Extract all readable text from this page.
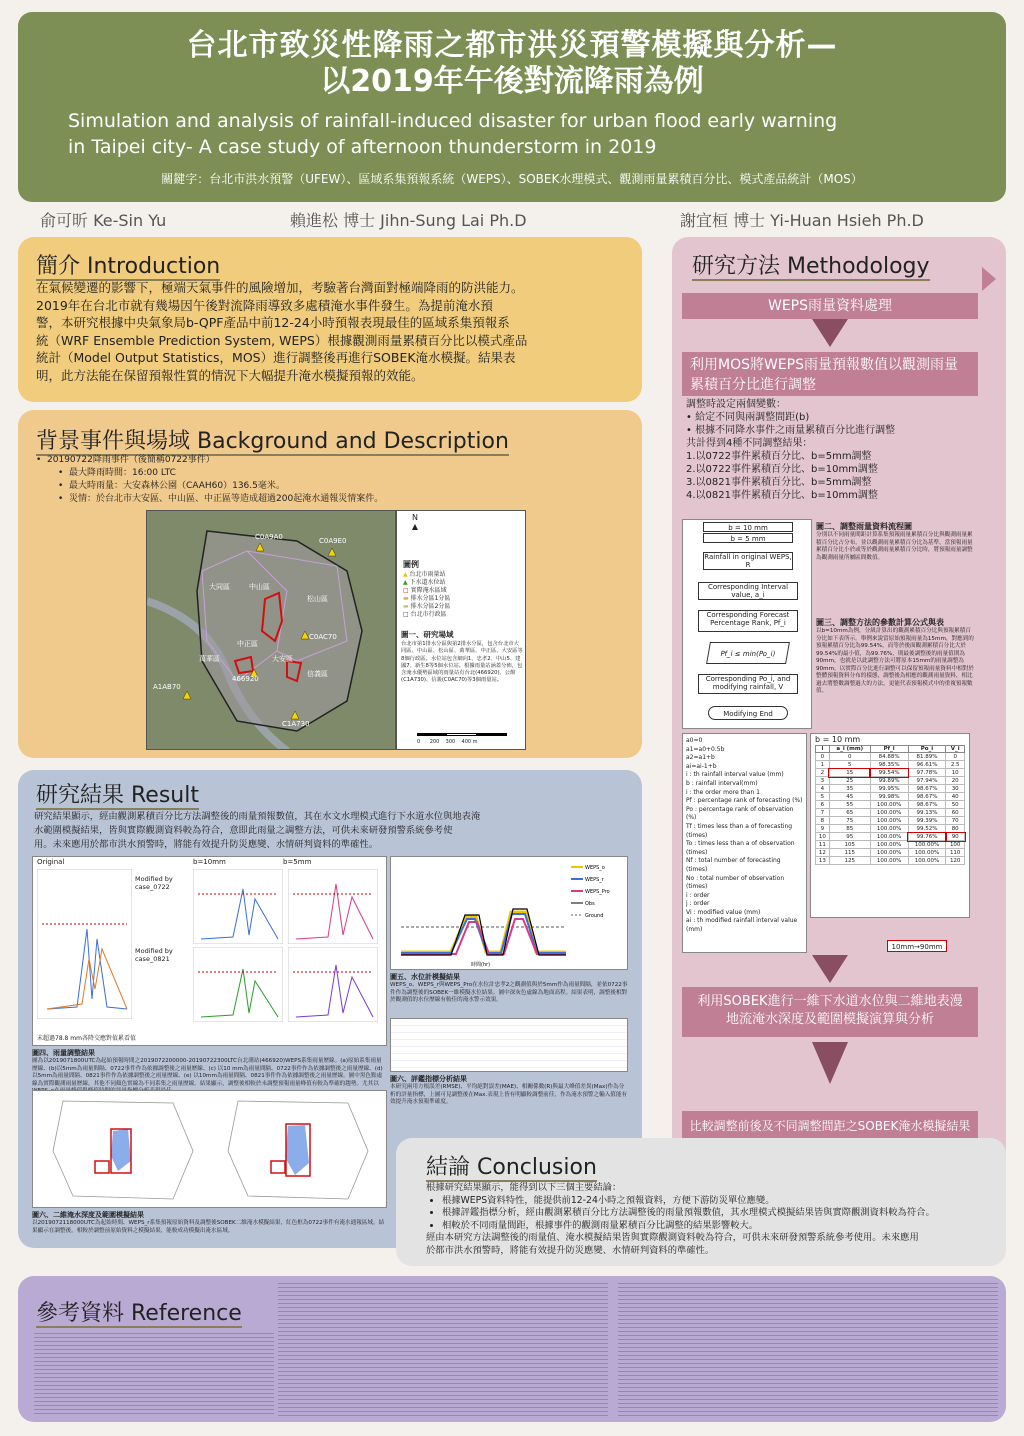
台北市致災性降雨之都市洪災預警模擬與分析—
以2019年午後對流降雨為例
Simulation and analysis of rainfall-induced disaster for urban flood early warning
in Taipei city- A case study of afternoon thunderstorm in 2019
關鍵字：台北市洪水預警（UFEW）、區域系集預報系統（WEPS）、SOBEK水理模式、觀測雨量累積百分比、模式產品統計（MOS）
俞可昕 Ke-Sin Yu	賴進松 博士 Jihn-Sung Lai Ph.D	謝宜桓 博士 Yi-Huan Hsieh Ph.D
簡介 Introduction
在氣候變遷的影響下，極端天氣事件的風險增加，考驗著台灣面對極端降雨的防洪能力。
2019年在台北市就有幾場因午後對流降雨導致多處積淹水事件發生。為提前淹水預
警，本研究根據中央氣象局b-QPF產品中前12-24小時預報表現最佳的區域系集預報系
統（WRF Ensemble Prediction System, WEPS）根據觀測雨量累積百分比以模式產品
統計（Model Output Statistics，MOS）進行調整後再進行SOBEK淹水模擬。結果表
明，此方法能在保留預報性質的情況下大幅提升淹水模擬預報的效能。
背景事件與場域 Background and Description
•  20190722降雨事件（後簡稱0722事件）
•  最大降雨時間：16:00 LTC
•  最大時雨量：大安森林公園（CAAH60）136.5毫米。
•  災情：於台北市大安區、中山區、中正區等造成超過200起淹水通報災情案件。
C0A9A0	C0A9E0
大同區	中山區
松山區
萬華區
中正區
大安區
A1AB70
466920
C0AC70
C1A730
信義區
N
▲
圖例
▲ 台北市雨量站
▲ 下水道水位站
□ 實際淹水區域
▬ 排水分區1分區
▬ 排水分區2分區
□ 台北市行政區
圖一、研究場域
台北市第1排水分區與第2排水分區，包含台北市大同區、中山區、松山區、萬華區、中正區、大安區等8個行政區。水位站包含網向1、忠孝2、中山5、建國7、新生8等5個水位站。根據雨量站涵蓋分佈，包含淹水優勢區域的雨量站有台北(466920)、公館(C1A730)、信義(C0AC70)等3個雨量站。
0 200 300 400 m
研究方法 Methodology
WEPS雨量資料處理
利用MOS將WEPS雨量預報數值以觀測雨量累積百分比進行調整
調整時設定兩個變數：
• 給定不同與兩調整間距(b)
• 根據不同降水事件之雨量累積百分比進行調整
共計得到4種不同調整結果：
1.以0722事件累積百分比、b=5mm調整
2.以0722事件累積百分比、b=10mm調整
3.以0821事件累積百分比、b=5mm調整
4.以0821事件累積百分比、b=10mm調整
b = 10 mm
b = 5 mm
Rainfall in original WEPS, R
Corresponding Interval value, a_i
Corresponding Forecast Percentage Rank, Pf_i
Pf_i ≤ min(Po_i)
Corresponding Po_i, and modifying rainfall, V
Modifying End
圖二、調整雨量資料流程圖
分別以不同雨量間距計算系集預報雨量累積百分比與觀測雨量累積百分比占分布，並以觀測雨量累積百分比為基準，當預報雨量累積百分比小於或等於觀測雨量累積百分比時，將預報雨量調整為觀測雨量所屬區間數值。
圖三、調整方法的參數計算公式與表
以b=10mm為例，分級計算出的觀測累積百分比與預報累積百分比如下表所示。舉例來說當原始預報雨量為15mm，對應到的預報累積百分比為99.54%，而等於後面觀測累積百分比大於99.54%的最小值，為99.76%，則最後調整後的雨量值則為90mm，也就是以此調整方法可將原本15mm的雨量調整為90mm。以實際百分比進行調整可以保留預報雨量資料中相對於整體預報資料分布的樣態，調整後為相應的觀測雨量資料，相比過去將整數調整過大的方法，更能代表預報模式中的重複預報數值。
a0=0
a1=a0+0.5b
a2=a1+b
ai=ai-1+b
i : th rainfall interval value (mm)
b : rainfall interval(mm)
i : the order more than 1
Pf : percentage rank of forecasting (%)
Po : percentage rank of observation (%)
Tf : times less than a of forecasting (times)
To : times less than a of observation (times)
Nf : total number of forecasting (times)
No : total number of observation (times)
i : order
j : order
Vi : modified value (mm)
ai : th modified rainfall interval value (mm)
b = 10 mm
i	a_i (mm)	Pf_i	Po_i	V_i
0	0	84.88%	81.89%	0
1	5	98.35%	96.61%	2.5
2	15	99.54%	97.78%	10
3	25	99.89%	97.94%	20
4	35	99.95%	98.67%	30
5	45	99.98%	98.67%	40
6	55	100.00%	98.67%	50
7	65	100.00%	99.13%	60
8	75	100.00%	99.39%	70
9	85	100.00%	99.52%	80
10	95	100.00%	99.76%	90
11	105	100.00%	100.00%	100
12	115	100.00%	100.00%	110
13	125	100.00%	100.00%	120
10mm→90mm
利用SOBEK進行一維下水道水位與二維地表漫地流淹水深度及範圍模擬演算與分析
比較調整前後及不同調整間距之SOBEK淹水模擬結果
研究結果 Result
研究結果顯示，經由觀測累積百分比方法調整後的雨量預報數值，其在水文水理模式進行下水道水位與地表淹
水範圍模擬結果，皆與實際觀測資料較為符合，意即此雨量之調整方法，可供未來研發預警系統參考使
用。未來應用於都市洪水預警時，將能有效提升防災應變、水情研判資料的準確性。
Original	b=10mm	b=5mm
Modified by case_0722
Modified by case_0821
未超過78.8 mm各降交應對值累看值
圖四、雨量調整結果
圖為以2019071800UTC為起始預報時間之2019072200000-20190722300LTC台北測站(466920)WEPS系集雨量歷線。(a)原始系集雨量歷線、(b)以5mm為雨量間隔、0722事件作為依據調整後之雨量歷線、(c) 以10 mm為雨量間隔、0722事件作為依據調整後之雨量歷線、(d) 以5mm為雨量間隔、0821事件作為依據調整後之雨量歷線、(e) 以10mm為雨量間隔、0821事件作為依據調整後之雨量歷線。圖中黑色點虛線為實際觀測雨量歷線，其他不同顏色實線為不同系集之雨量歷線。結果顯示，調整後相較於未調整預報雨量峰值有較為準確的趨勢。尤其以
WEPS_o
WEPS_r
WEPS_Pro
Obs
Ground
時間(hr)
圖五、水位計模擬結果
WEPS_o、WEPS_r與WEPS_Pro在水位計忠孝2之觀測值與於5mm作為雨量間隔，並依0722事件作為調整後的SOBEK一維模擬水位結果。圖中深灰色虛線為地面高程。結果表明，調整後相對於觀測值的水位歷線有較佳的淹水警示效果。
圖六、評鑑指標分析結果
本研究兩用方根誤差(RMSE)、平均絕對誤差(MAE)、相關係數(R)與最大峰值差異(Max)作為分析的評量指標，上圖可見調整後在Max.表現上皆有明顯較調整前佳，作為淹水預警之輸入值能有效提升淹水預報準確度。
圖六、二維淹水深度及範圍模擬結果
以2019072118000UTC為起始時間、WEPS_r系集預報原始資料及調整後SOBEK二維淹水模擬結果，紅色框為0722事件有淹水通報區域。結果顯示在調整後，相較於調整前原始資料之模擬結果，能較成功模擬出淹水區域。
結論 Conclusion
根據研究結果顯示，能得到以下三個主要結論：
• 根據WEPS資料特性，能提供前12-24小時之預報資料，方便下游防災單位應變。
• 根據評鑑指標分析，經由觀測累積百分比方法調整後的雨量預報數值，其水理模式模擬結果皆與實際觀測資料較為符合。
• 相較於不同雨量間距，根據事件的觀測雨量累積百分比調整的結果影響較大。
經由本研究方法調整後的雨量值、淹水模擬結果皆與實際觀測資料較為符合，可供未來研發預警系統參考使用。未來應用
於都市洪水預警時，將能有效提升防災應變、水情研判資料的準確性。
參考資料 Reference
